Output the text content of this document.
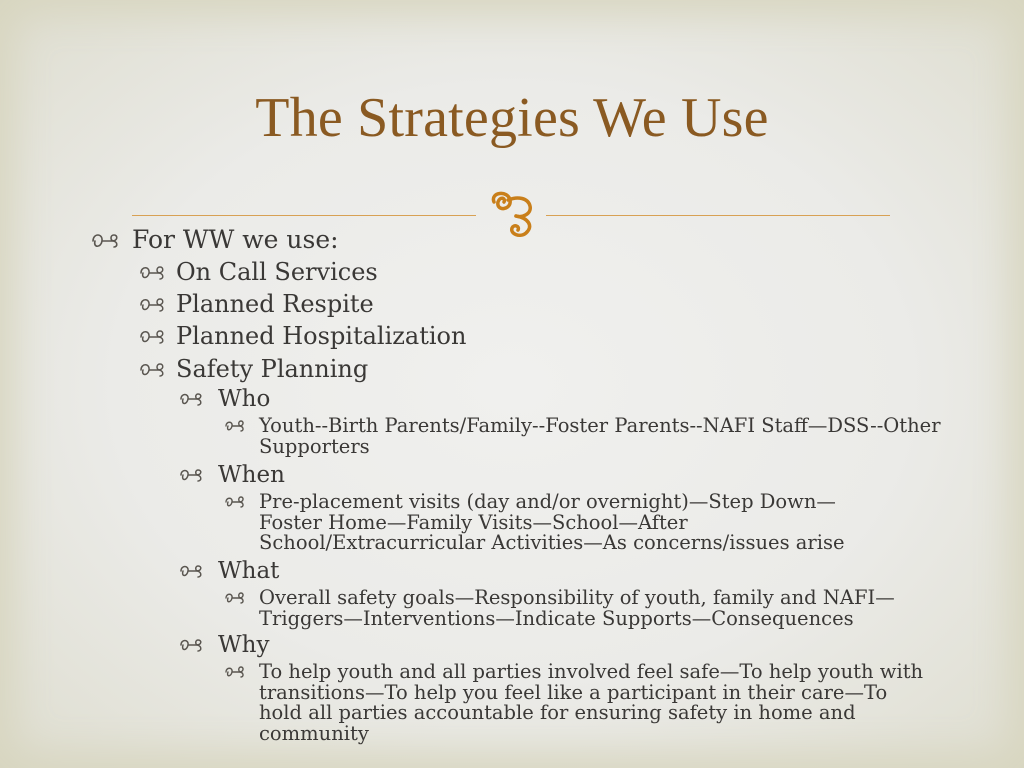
The Strategies We Use
For WW we use:
On Call Services
Planned Respite
Planned Hospitalization
Safety Planning
Who
Youth--Birth Parents/Family--Foster Parents--NAFI Staff—DSS--Other Supporters
When
Pre-placement visits (day and/or overnight)—Step Down—Foster Home—Family Visits—School—After School/Extracurricular Activities—As concerns/issues arise
What
Overall safety goals—Responsibility of youth, family and NAFI—Triggers—Interventions—Indicate Supports—Consequences
Why
To help youth and all parties involved feel safe—To help youth with transitions—To help you feel like a participant in their care—To hold all parties accountable for ensuring safety in home and community
